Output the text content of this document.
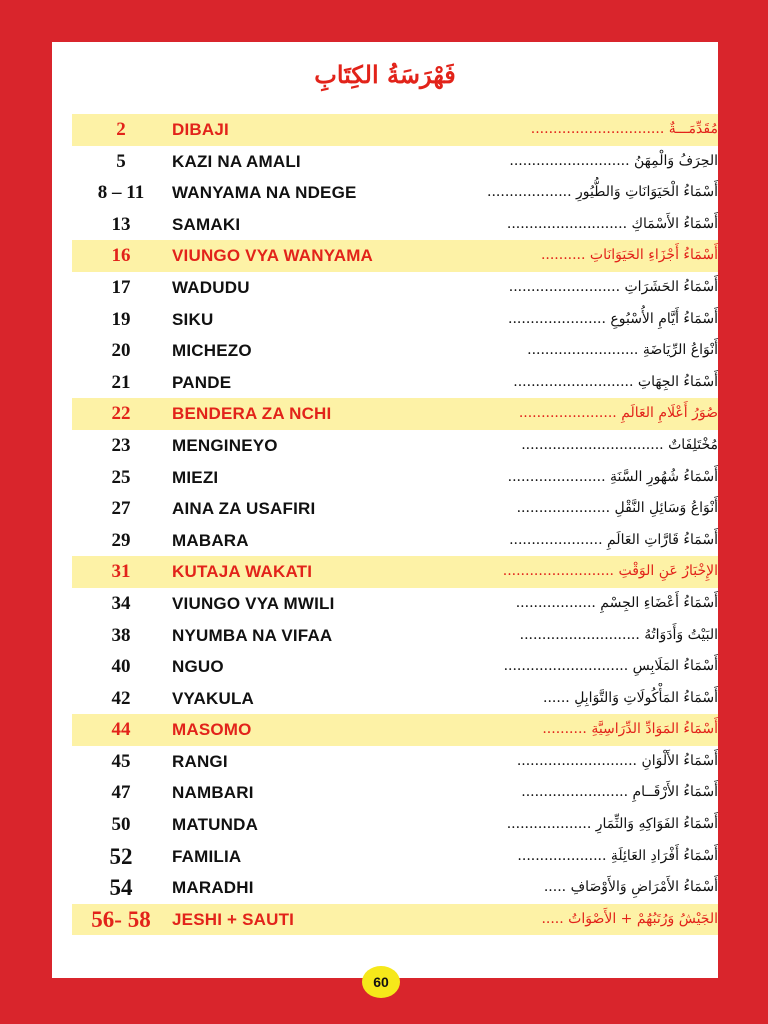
فَهْرَسَةُ الكِتَابِ
2	DIBAJI	مُقَدِّمَـــةٌ ..............................
5	KAZI NA AMALI	الحِرَفُ وَالْمِهَنُ ...........................
8 – 11	WANYAMA NA NDEGE	أَسْمَاءُ الْحَيَوَانَاتِ وَالطُّيُورِ ...................
13	SAMAKI	أَسْمَاءُ الأَسْمَاكِ ...........................
16	VIUNGO VYA WANYAMA	أَسْمَاءُ أَجْزَاءِ الحَيَوَانَاتِ ..........
17	WADUDU	أَسْمَاءُ الحَشَرَاتِ .........................
19	SIKU	أَسْمَاءُ أَيَّامِ الأُسْبُوعِ ......................
20	MICHEZO	أَنْوَاعُ الرِّيَاضَةِ .........................
21	PANDE	أَسْمَاءُ الجِهَاتِ ...........................
22	BENDERA ZA NCHI	صُوَرُ أَعْلَامِ العَالَمِ ......................
23	MENGINEYO	مُخْتَلِفَاتٌ ................................
25	MIEZI	أَسْمَاءُ شُهُورِ السَّنَةِ ......................
27	AINA ZA USAFIRI	أَنْوَاعُ وَسَائِلِ النَّقْلِ .....................
29	MABARA	أَسْمَاءُ قَارَّاتِ العَالَمِ .....................
31	KUTAJA WAKATI	الإِخْبَارُ عَنِ الوَقْتِ .........................
34	VIUNGO VYA MWILI	أَسْمَاءُ أَعْضَاءِ الجِسْمِ ..................
38	NYUMBA NA VIFAA	البَيْتُ وَأَدَوَاتُهُ ...........................
40	NGUO	أَسْمَاءُ المَلَابِسِ ............................
42	VYAKULA	أَسْمَاءُ المَأْكُولَاتِ وَالتَّوَابِلِ ......
44	MASOMO	أَسْمَاءُ المَوَادِّ الدِّرَاسِيَّةِ ..........
45	RANGI	أَسْمَاءُ الأَلْوَانِ ...........................
47	NAMBARI	أَسْمَاءُ الأَرْقَــامِ ........................
50	MATUNDA	أَسْمَاءُ الفَوَاكِهِ وَالثِّمَارِ ...................
52	FAMILIA	أَسْمَاءُ أَفْرَادِ العَائِلَةِ ....................
54	MARADHI	أَسْمَاءُ الأَمْرَاضِ وَالأَوْصَافِ .....
56- 58	JESHI + SAUTI	الجَيْشُ وَرُتَبُهُمْ + الأَصْوَاتُ .....
60
